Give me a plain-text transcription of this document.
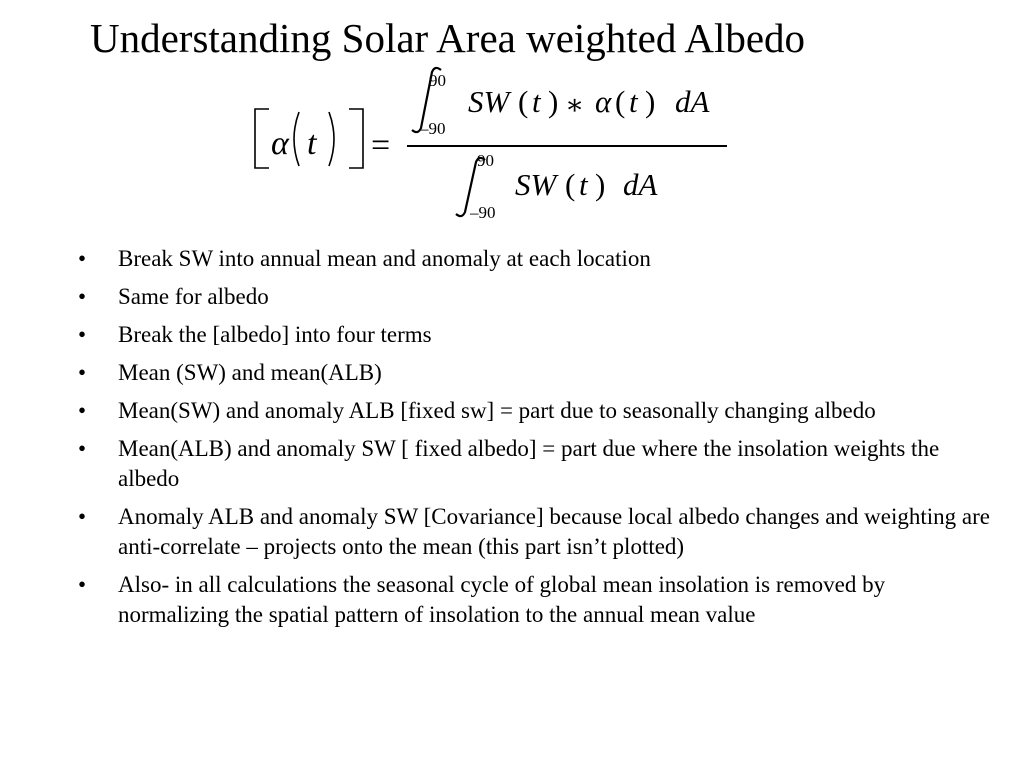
Understanding Solar Area weighted Albedo
α t =
90
–90
SW ( t ) ∗ α ( t ) dA
90
–90
SW ( t ) dA
•	Break SW into annual mean and anomaly at each location
•	Same for albedo
•	Break the [albedo] into four terms
•	Mean (SW) and mean(ALB)
•	Mean(SW) and anomaly ALB [fixed sw] = part due to seasonally changing albedo
•	Mean(ALB) and anomaly SW [ fixed albedo] = part due where the insolation weights the albedo
•	Anomaly ALB and anomaly SW [Covariance] because local albedo changes and weighting are anti-correlate – projects onto the mean (this part isn’t plotted)
•	Also- in all calculations the seasonal cycle of global mean insolation is removed by normalizing the spatial pattern of insolation to the annual mean value
